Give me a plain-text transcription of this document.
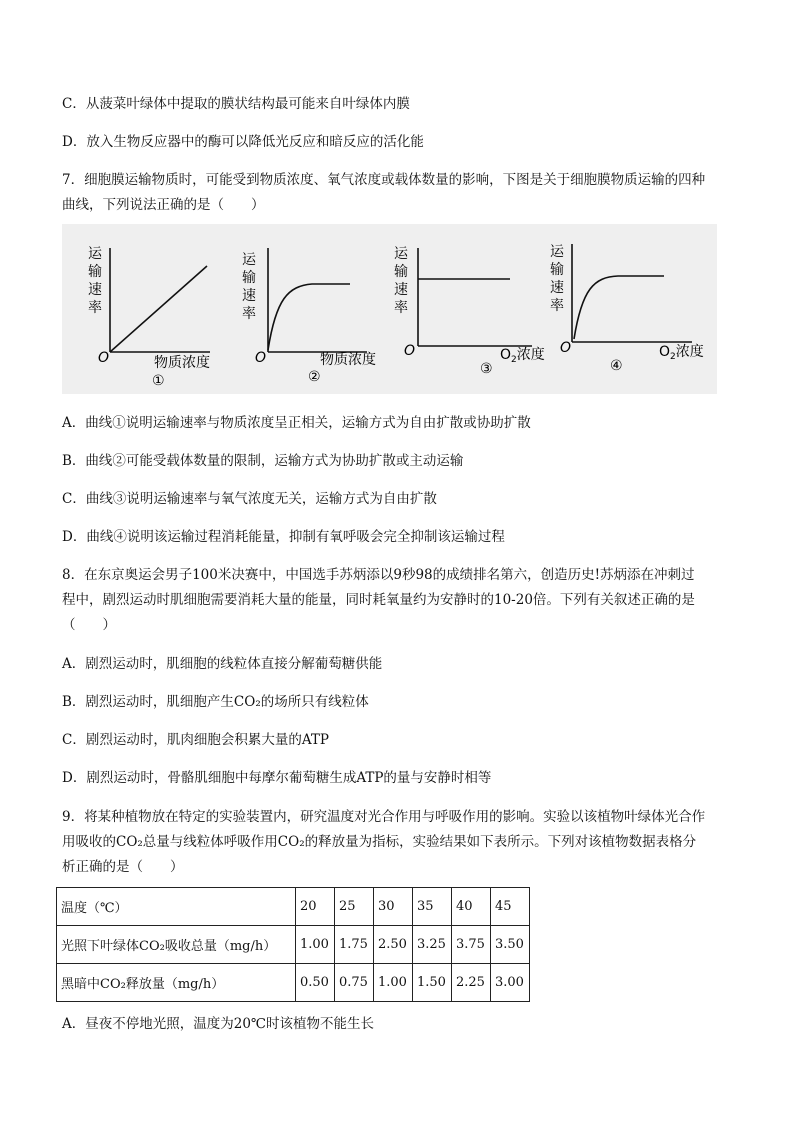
C．从菠菜叶绿体中提取的膜状结构最可能来自叶绿体内膜
D．放入生物反应器中的酶可以降低光反应和暗反应的活化能
7．细胞膜运输物质时，可能受到物质浓度、氧气浓度或载体数量的影响，下图是关于细胞膜物质运输的四种
曲线，下列说法正确的是（　　）
运
输
速
率
O	物质浓度
①
运
输
速
率
O	物质浓度
②
运
输
速
率
O	$O_2$浓度
③
运
输
速
率
O	$O_2$浓度
④
A．曲线①说明运输速率与物质浓度呈正相关，运输方式为自由扩散或协助扩散
B．曲线②可能受载体数量的限制，运输方式为协助扩散或主动运输
C．曲线③说明运输速率与氧气浓度无关，运输方式为自由扩散
D．曲线④说明该运输过程消耗能量，抑制有氧呼吸会完全抑制该运输过程
8．在东京奥运会男子100米决赛中，中国选手苏炳添以9秒98的成绩排名第六，创造历史!苏炳添在冲刺过
程中，剧烈运动时肌细胞需要消耗大量的能量，同时耗氧量约为安静时的10-20倍。下列有关叙述正确的是
（　　）
A．剧烈运动时，肌细胞的线粒体直接分解葡萄糖供能
B．剧烈运动时，肌细胞产生CO₂的场所只有线粒体
C．剧烈运动时，肌肉细胞会积累大量的ATP
D．剧烈运动时，骨骼肌细胞中每摩尔葡萄糖生成ATP的量与安静时相等
9．将某种植物放在特定的实验装置内，研究温度对光合作用与呼吸作用的影响。实验以该植物叶绿体光合作
用吸收的CO₂总量与线粒体呼吸作用CO₂的释放量为指标，实验结果如下表所示。下列对该植物数据表格分
析正确的是（　　）
温度（℃）	20	25	30	35	40	45
光照下叶绿体CO₂吸收总量（mg/h）	1.00	1.75	2.50	3.25	3.75	3.50
黑暗中CO₂释放量（mg/h）	0.50	0.75	1.00	1.50	2.25	3.00
A．昼夜不停地光照，温度为20℃时该植物不能生长
